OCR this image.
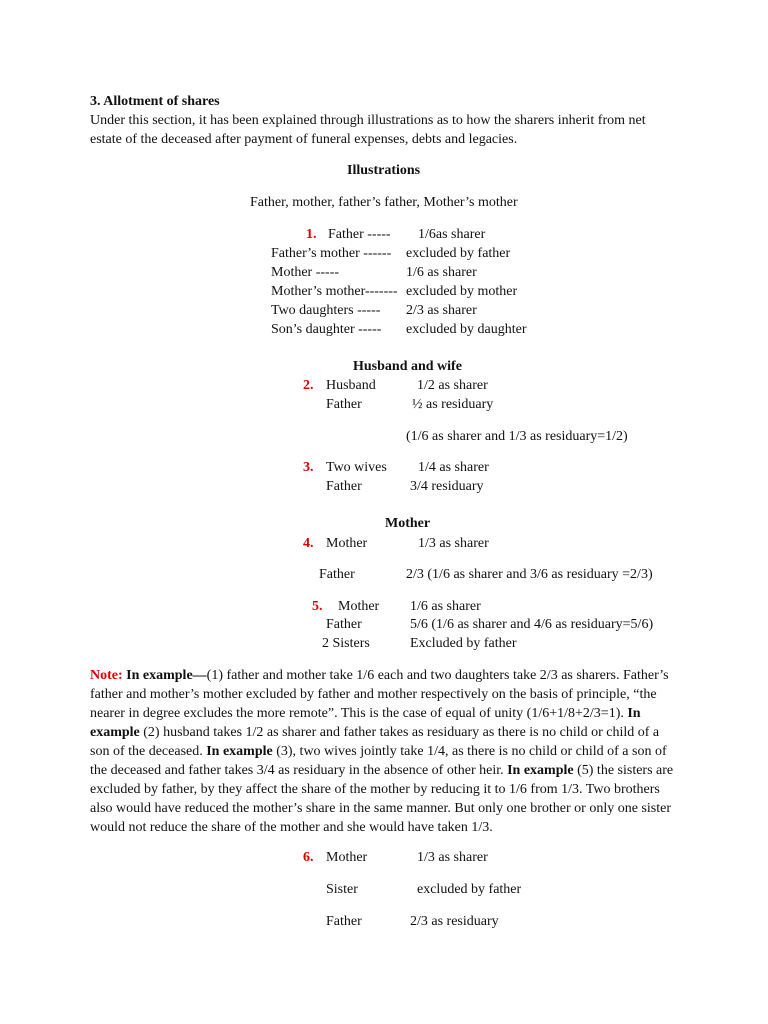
3. Allotment of shares
Under this section, it has been explained through illustrations as to how the sharers inherit from net estate of the deceased after payment of funeral expenses, debts and legacies.
Illustrations
Father, mother, father’s father, Mother’s mother
1. Father ----- 1/6as sharer
Father’s mother ------ excluded by father
Mother -----	1/6 as sharer
Mother’s mother------- excluded by mother
Two daughters ----- 2/3 as sharer
Son’s daughter ----- excluded by daughter
Husband and wife
2. Husband	1/2 as sharer
Father	½ as residuary
(1/6 as sharer and 1/3 as residuary=1/2)
3. Two wives 1/4 as sharer
Father	3/4 residuary
Mother
4. Mother	1/3 as sharer
Father	2/3 (1/6 as sharer and 3/6 as residuary =2/3)
5. Mother 1/6 as sharer
Father	5/6 (1/6 as sharer and 4/6 as residuary=5/6)
2 Sisters	Excluded by father
Note: In example—(1) father and mother take 1/6 each and two daughters take 2/3 as sharers. Father’s father and mother’s mother excluded by father and mother respectively on the basis of principle, “the nearer in degree excludes the more remote”. This is the case of equal of unity (1/6+1/8+2/3=1). In example (2) husband takes 1/2 as sharer and father takes as residuary as there is no child or child of a son of the deceased. In example (3), two wives jointly take 1/4, as there is no child or child of a son of the deceased and father takes 3/4 as residuary in the absence of other heir. In example (5) the sisters are excluded by father, by they affect the share of the mother by reducing it to 1/6 from 1/3. Two brothers also would have reduced the mother’s share in the same manner. But only one brother or only one sister would not reduce the share of the mother and she would have taken 1/3.
6. Mother	1/3 as sharer
Sister	excluded by father
Father	2/3 as residuary
